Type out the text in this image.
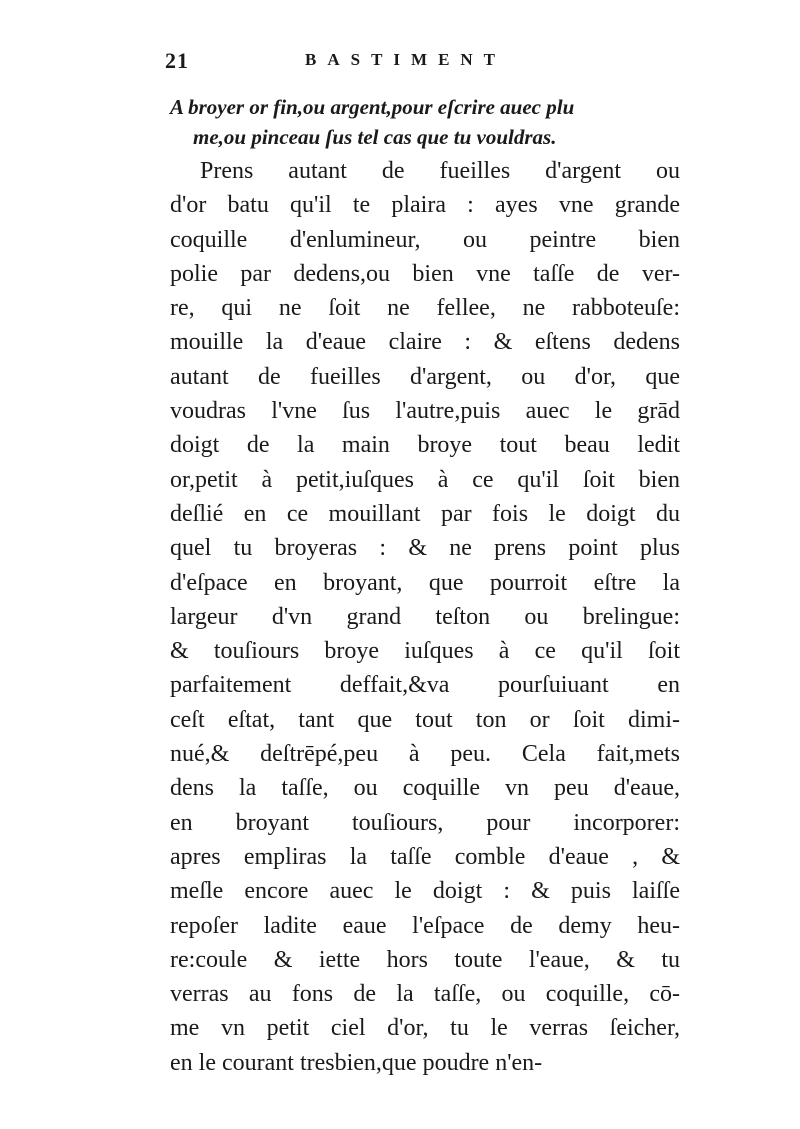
21	BASTIMENT
A broyer or fin,ou argent,pour eſcrire auec plu
me,ou pinceau ſus tel cas que tu vouldras.
Prens autant de fueilles d'argent ou
d'or batu qu'il te plaira : ayes vne grande
coquille d'enlumineur, ou peintre bien
polie par dedens,ou bien vne taſſe de ver-
re, qui ne ſoit ne fellee, ne rabboteuſe:
mouille la d'eaue claire : & eſtens dedens
autant de fueilles d'argent, ou d'or, que
voudras l'vne ſus l'autre,puis auec le grād
doigt de la main broye tout beau ledit
or,petit à petit,iuſques à ce qu'il ſoit bien
deſlié en ce mouillant par fois le doigt du
quel tu broyeras : & ne prens point plus
d'eſpace en broyant, que pourroit eſtre la
largeur d'vn grand teſton ou brelingue:
& touſiours broye iuſques à ce qu'il ſoit
parfaitement deffait,&va pourſuiuant en
ceſt eſtat, tant que tout ton or ſoit dimi-
nué,& deſtrēpé,peu à peu. Cela fait,mets
dens la taſſe, ou coquille vn peu d'eaue,
en broyant touſiours, pour incorporer:
apres empliras la taſſe comble d'eaue , &
meſle encore auec le doigt : & puis laiſſe
repoſer ladite eaue l'eſpace de demy heu-
re:coule & iette hors toute l'eaue, & tu
verras au fons de la taſſe, ou coquille, cō-
me vn petit ciel d'or, tu le verras ſeicher,
en le courant tresbien,que poudre n'en-
